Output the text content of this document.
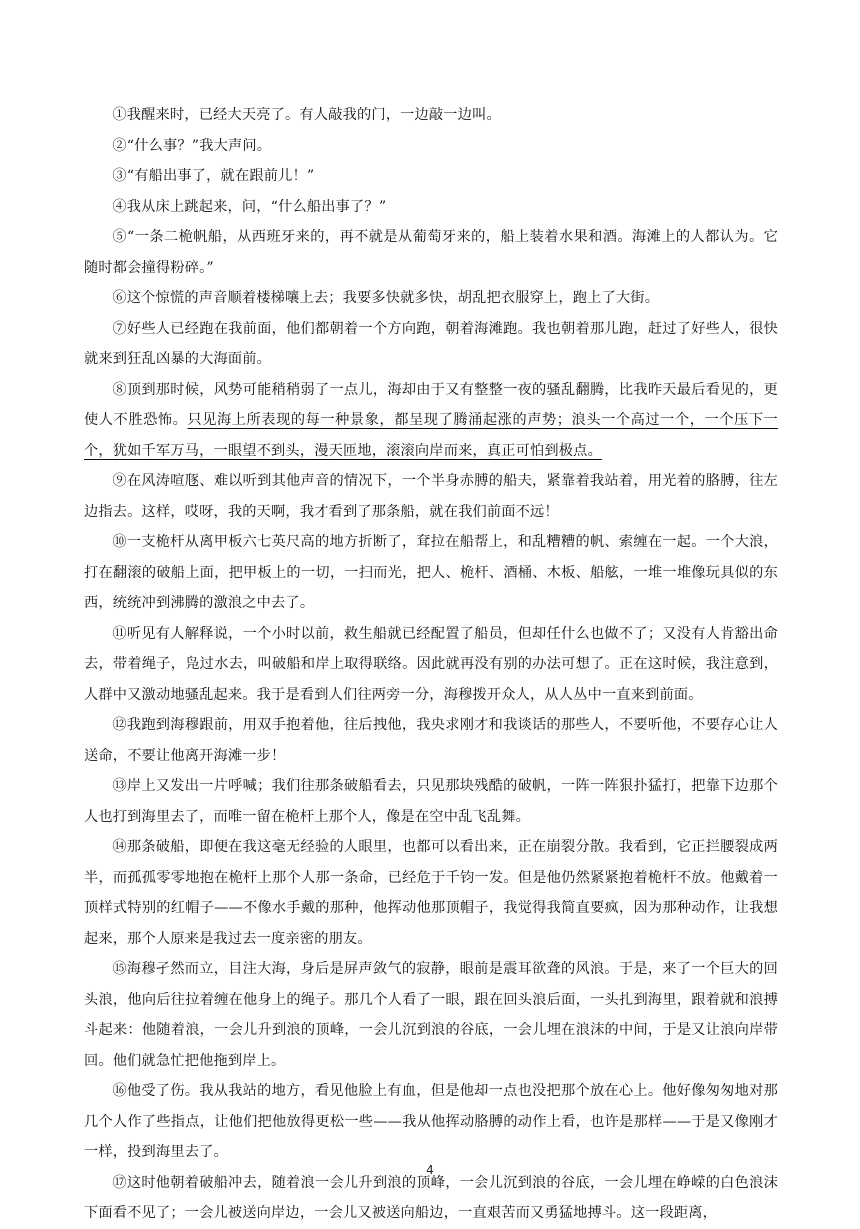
①我醒来时，已经大天亮了。有人敲我的门，一边敲一边叫。

②“什么事？”我大声问。

③“有船出事了，就在跟前儿！”

④我从床上跳起来，问，“什么船出事了？”

⑤“一条二桅帆船，从西班牙来的，再不就是从葡萄牙来的，船上装着水果和酒。海滩上的人都认为。它随时都会撞得粉碎。”

⑥这个惊慌的声音顺着楼梯嚷上去；我要多快就多快，胡乱把衣服穿上，跑上了大街。

⑦好些人已经跑在我前面，他们都朝着一个方向跑，朝着海滩跑。我也朝着那儿跑，赶过了好些人，很快就来到狂乱凶暴的大海面前。

⑧顶到那时候，风势可能稍稍弱了一点儿，海却由于又有整整一夜的骚乱翻腾，比我昨天最后看见的，更使人不胜恐怖。只见海上所表现的每一种景象，都呈现了腾涌起涨的声势；浪头一个高过一个，一个压下一个，犹如千军万马，一眼望不到头，漫天匝地，滚滚向岸而来，真正可怕到极点。

⑨在风涛喧豗、难以听到其他声音的情况下，一个半身赤膊的船夫，紧靠着我站着，用光着的胳膊，往左边指去。这样，哎呀，我的天啊，我才看到了那条船，就在我们前面不远！

⑩一支桅杆从离甲板六七英尺高的地方折断了，耷拉在船帮上，和乱糟糟的帆、索缠在一起。一个大浪，打在翻滚的破船上面，把甲板上的一切，一扫而光，把人、桅杆、酒桶、木板、船舷，一堆一堆像玩具似的东西，统统冲到沸腾的激浪之中去了。

⑪听见有人解释说，一个小时以前，救生船就已经配置了船员，但却任什么也做不了；又没有人肯豁出命去，带着绳子，凫过水去，叫破船和岸上取得联络。因此就再没有别的办法可想了。正在这时候，我注意到，人群中又激动地骚乱起来。我于是看到人们往两旁一分，海穆拨开众人，从人丛中一直来到前面。

⑫我跑到海穆跟前，用双手抱着他，往后拽他，我央求刚才和我谈话的那些人，不要听他，不要存心让人送命，不要让他离开海滩一步！

⑬岸上又发出一片呼喊；我们往那条破船看去，只见那块残酷的破帆，一阵一阵狠扑猛打，把靠下边那个人也打到海里去了，而唯一留在桅杆上那个人，像是在空中乱飞乱舞。

⑭那条破船，即便在我这毫无经验的人眼里，也都可以看出来，正在崩裂分散。我看到，它正拦腰裂成两半，而孤孤零零地抱在桅杆上那个人那一条命，已经危于千钧一发。但是他仍然紧紧抱着桅杆不放。他戴着一顶样式特别的红帽子——不像水手戴的那种，他挥动他那顶帽子，我觉得我简直要疯，因为那种动作，让我想起来，那个人原来是我过去一度亲密的朋友。

⑮海穆孑然而立，目注大海，身后是屏声敛气的寂静，眼前是震耳欲聋的风浪。于是，来了一个巨大的回头浪，他向后往拉着缠在他身上的绳子。那几个人看了一眼，跟在回头浪后面，一头扎到海里，跟着就和浪搏斗起来：他随着浪，一会儿升到浪的顶峰，一会儿沉到浪的谷底，一会儿埋在浪沫的中间，于是又让浪向岸带回。他们就急忙把他拖到岸上。

⑯他受了伤。我从我站的地方，看见他脸上有血，但是他却一点也没把那个放在心上。他好像匆匆地对那几个人作了些指点，让他们把他放得更松一些——我从他挥动胳膊的动作上看，也许是那样——于是又像刚才一样，投到海里去了。

⑰这时他朝着破船冲去，随着浪一会儿升到浪的顶峰，一会儿沉到浪的谷底，一会儿埋在峥嵘的白色浪沫下面看不见了；一会儿被送向岸边，一会儿又被送向船边，一直艰苦而又勇猛地搏斗。这一段距离，

4
